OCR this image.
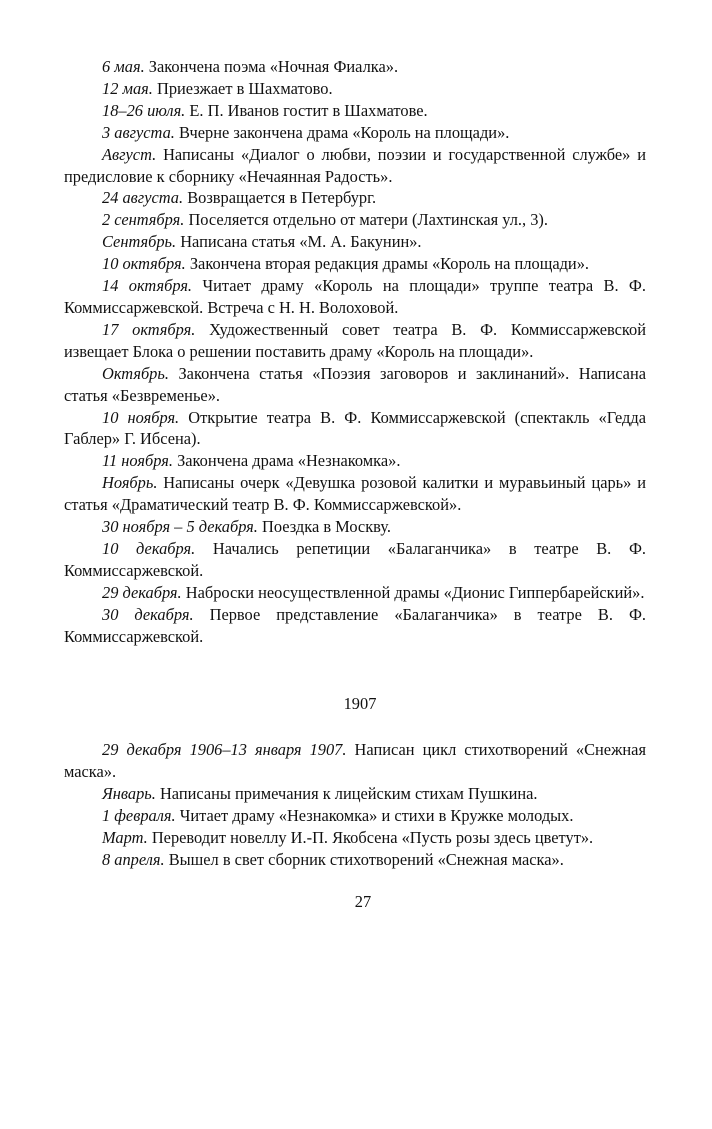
6 мая. Закончена поэма «Ночная Фиалка».

12 мая. Приезжает в Шахматово.

18–26 июля. Е. П. Иванов гостит в Шахматове.

3 августа. Вчерне закончена драма «Король на площади».

Август. Написаны «Диалог о любви, поэзии и государственной службе» и предисловие к сборнику «Нечаянная Радость».

24 августа. Возвращается в Петербург.

2 сентября. Поселяется отдельно от матери (Лахтинская ул., 3).

Сентябрь. Написана статья «М. А. Бакунин».

10 октября. Закончена вторая редакция драмы «Король на площади».

14 октября. Читает драму «Король на площади» труппе театра В. Ф. Коммиссаржевской. Встреча с Н. Н. Волоховой.

17 октября. Художественный совет театра В. Ф. Коммиссаржевской извещает Блока о решении поставить драму «Король на площади».

Октябрь. Закончена статья «Поэзия заговоров и заклинаний». Написана статья «Безвременье».

10 ноября. Открытие театра В. Ф. Коммиссаржевской (спектакль «Гедда Габлер» Г. Ибсена).

11 ноября. Закончена драма «Незнакомка».

Ноябрь. Написаны очерк «Девушка розовой калитки и муравьиный царь» и статья «Драматический театр В. Ф. Коммиссаржевской».

30 ноября – 5 декабря. Поездка в Москву.

10 декабря. Начались репетиции «Балаганчика» в театре В. Ф. Коммиссаржевской.

29 декабря. Наброски неосуществленной драмы «Дионис Гиппербарейский».

30 декабря. Первое представление «Балаганчика» в театре В. Ф. Коммиссаржевской.

1907

29 декабря 1906–13 января 1907. Написан цикл стихотворений «Снежная маска».

Январь. Написаны примечания к лицейским стихам Пушкина.

1 февраля. Читает драму «Незнакомка» и стихи в Кружке молодых.

Март. Переводит новеллу И.-П. Якобсена «Пусть розы здесь цветут».

8 апреля. Вышел в свет сборник стихотворений «Снежная маска».

27
